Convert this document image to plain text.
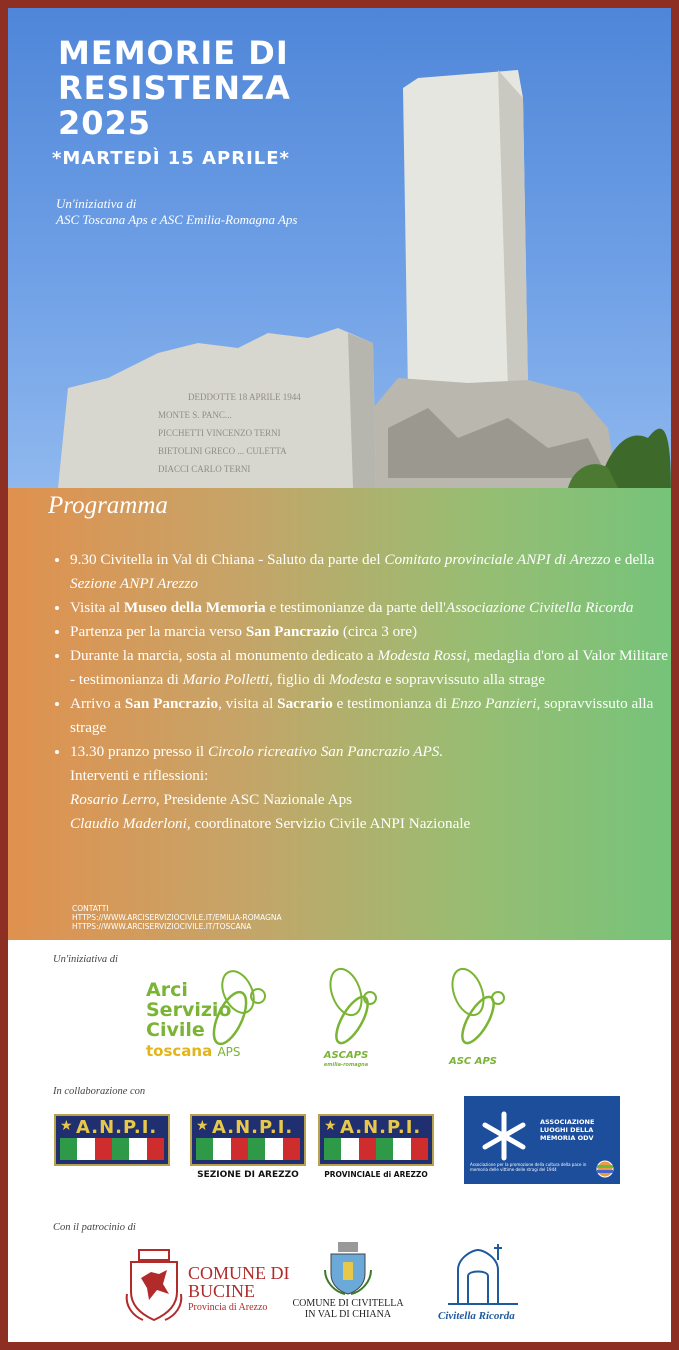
DEDDOTTE 18 APRILE 1944
MONTE S. PANC...
PICCHETTI VINCENZO TERNI
BIETOLINI GRECO ... CULETTA
DIACCI CARLO TERNI
MEMORIE DI
RESISTENZA
2025
*MARTEDÌ 15 APRILE*
Un'iniziativa di
ASC Toscana Aps e ASC Emilia-Romagna Aps
Programma
• 9.30 Civitella in Val di Chiana - Saluto da parte del Comitato provinciale ANPI di Arezzo e della Sezione ANPI Arezzo
• Visita al Museo della Memoria e testimonianze da parte dell'Associazione Civitella Ricorda
• Partenza per la marcia verso San Pancrazio (circa 3 ore)
• Durante la marcia, sosta al monumento dedicato a Modesta Rossi, medaglia d'oro al Valor Militare - testimonianza di Mario Polletti, figlio di Modesta e sopravvissuto alla strage
• Arrivo a San Pancrazio, visita al Sacrario e testimonianza di Enzo Panzieri, sopravvissuto alla strage
• 13.30 pranzo presso il Circolo ricreativo San Pancrazio APS.
Interventi e riflessioni:
Rosario Lerro, Presidente ASC Nazionale Aps
Claudio Maderloni, coordinatore Servizio Civile ANPI Nazionale
CONTATTI
HTTPS://WWW.ARCISERVIZIOCIVILE.IT/EMILIA-ROMAGNA
HTTPS://WWW.ARCISERVIZIOCIVILE.IT/TOSCANA
Un'iniziativa di
Arci
Servizio
Civile
toscana APS	ASCAPS
emilia-romagna	ASC APS
In collaborazione con
★ A.N.P.I.	★ A.N.P.I.
SEZIONE DI AREZZO
★ A.N.P.I.
PROVINCIALE di AREZZO
ASSOCIAZIONE
LUOGHI DELLA
MEMORIA ODV
Associazione per la promozione della cultura della pace in memoria delle vittime delle stragi del 1944
Con il patrocinio di
COMUNE DI
BUCINE
Provincia di Arezzo	COMUNE DI CIVITELLA
IN VAL DI CHIANA	Civitella Ricorda
